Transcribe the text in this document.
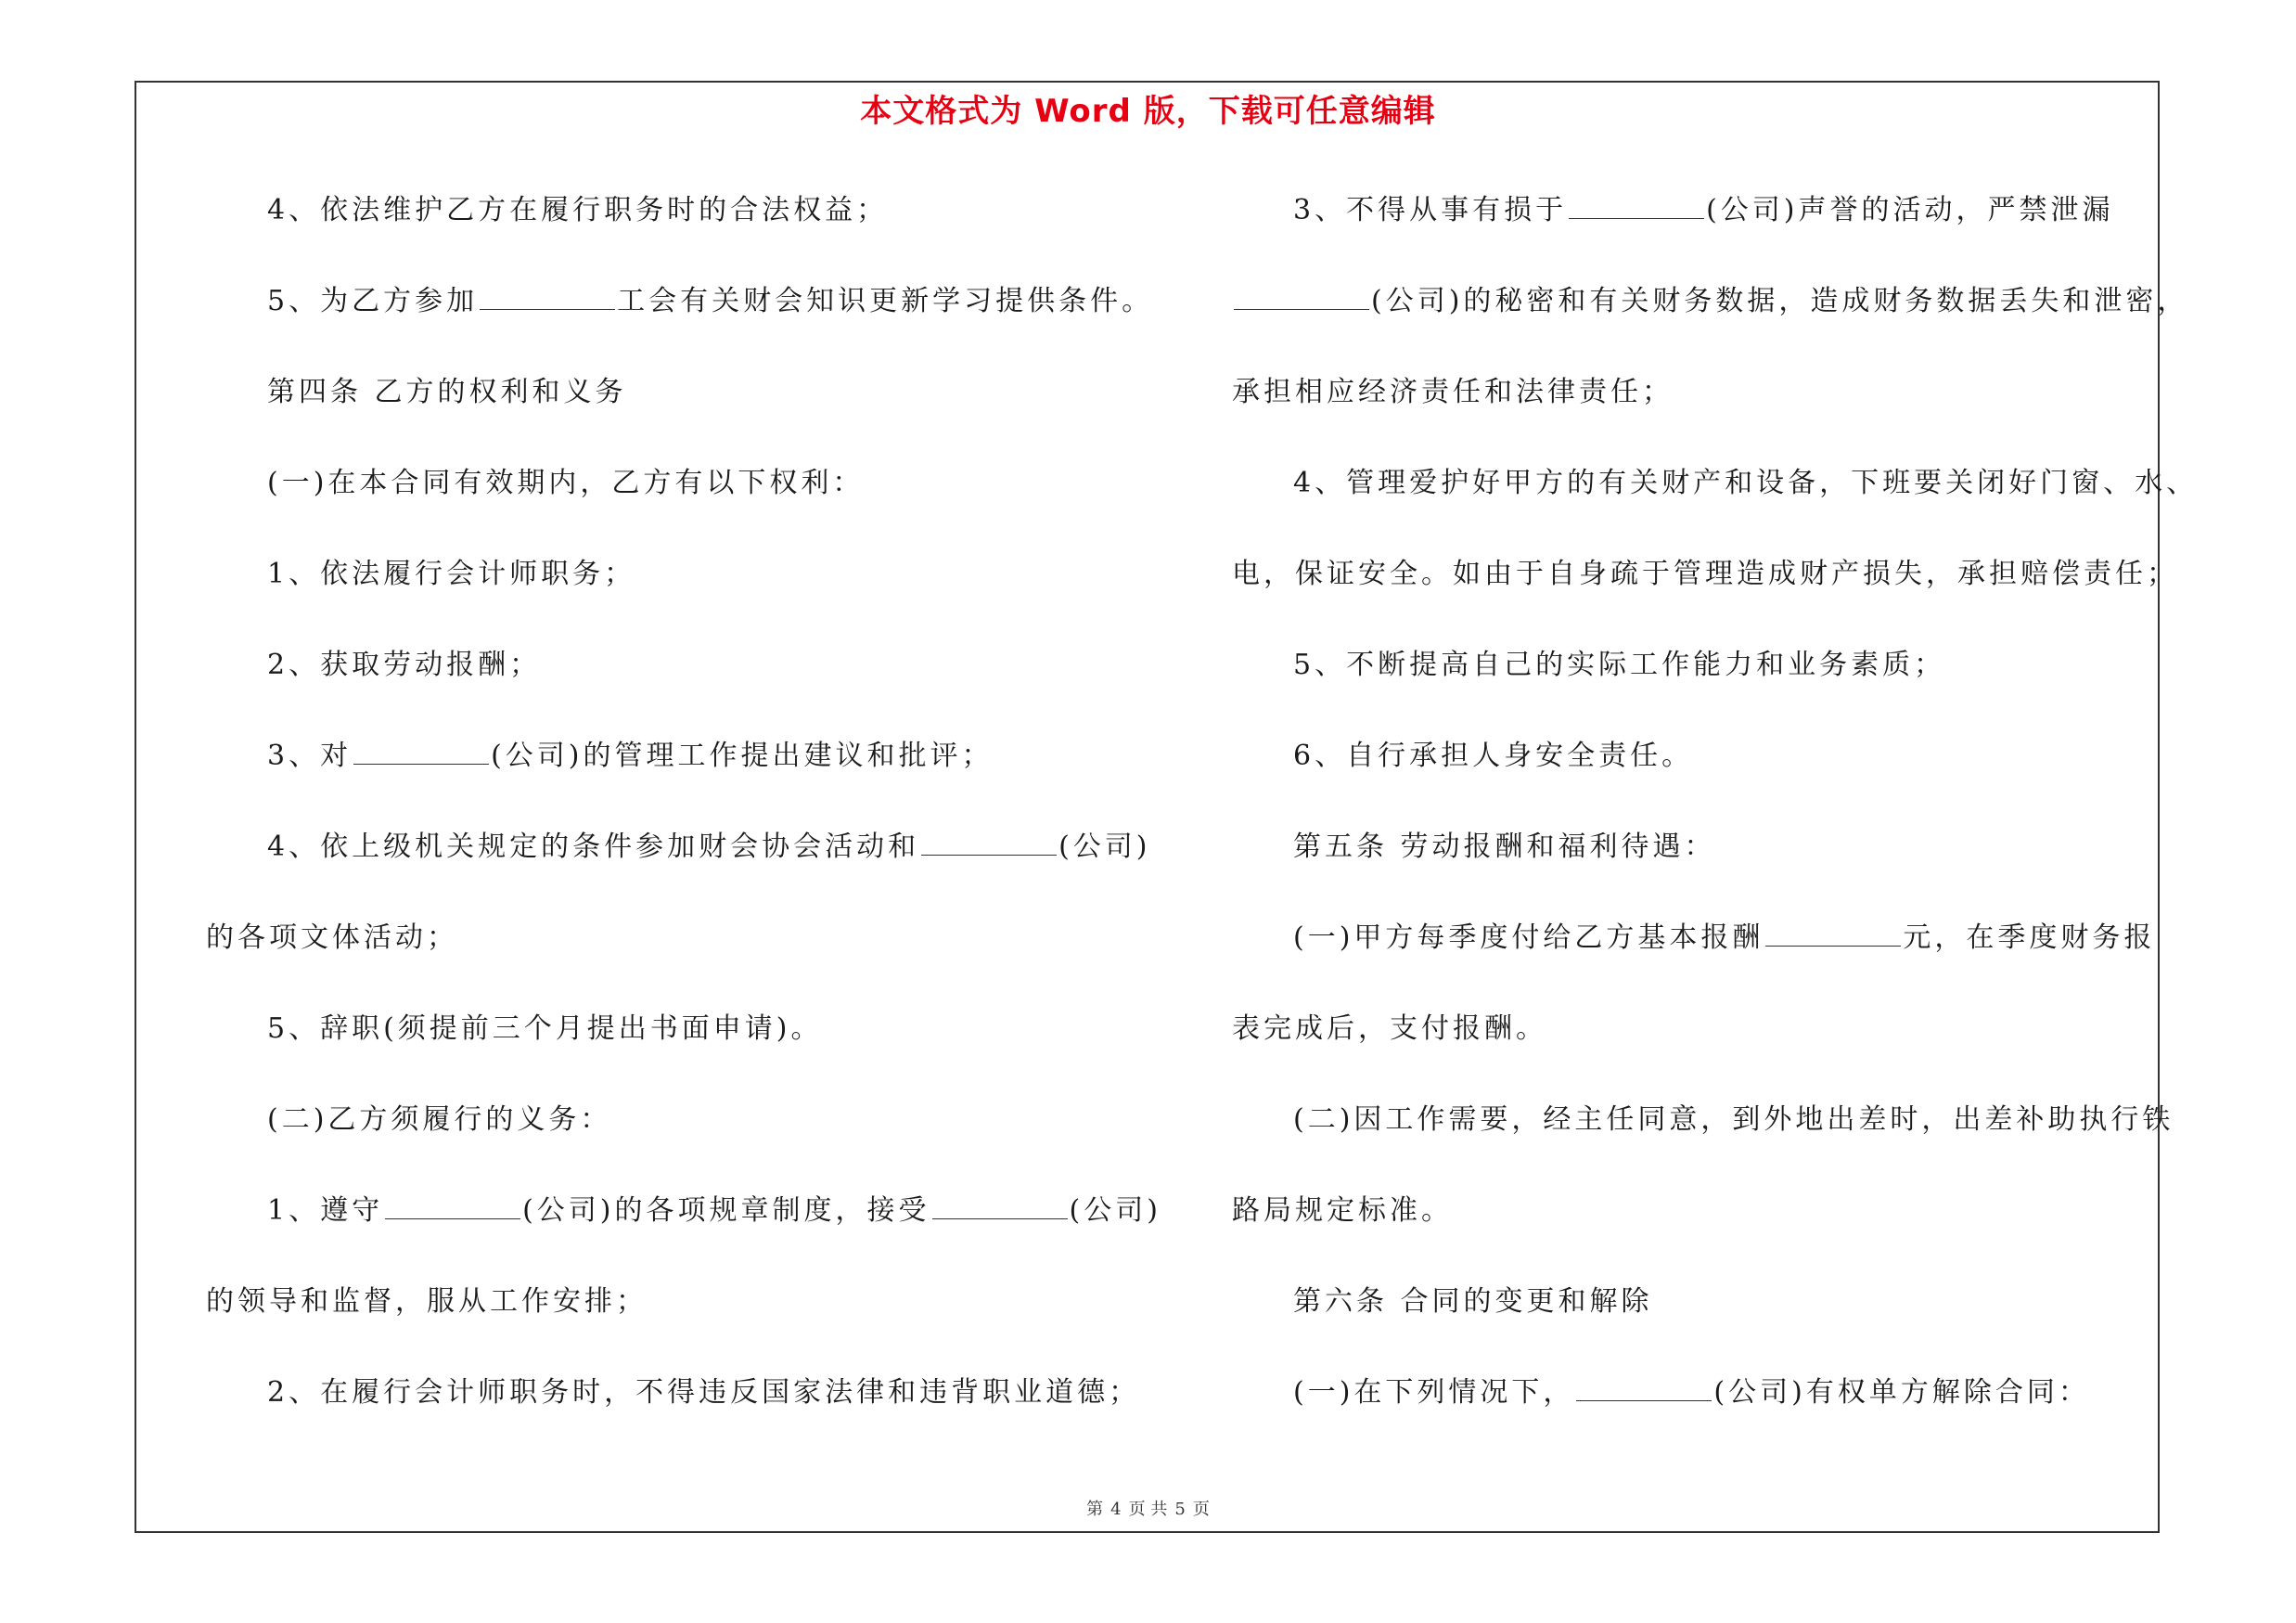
本文格式为 Word 版，下载可任意编辑
4、依法维护乙方在履行职务时的合法权益；
5、为乙方参加	工会有关财会知识更新学习提供条件。
第四条 乙方的权利和义务
(一)在本合同有效期内，乙方有以下权利：
1、依法履行会计师职务；
2、获取劳动报酬；
3、对	(公司)的管理工作提出建议和批评；
4、依上级机关规定的条件参加财会协会活动和	(公司)
的各项文体活动；
5、辞职(须提前三个月提出书面申请)。
(二)乙方须履行的义务：
1、遵守	(公司)的各项规章制度，接受	(公司)
的领导和监督，服从工作安排；
2、在履行会计师职务时，不得违反国家法律和违背职业道德；
3、不得从事有损于	(公司)声誉的活动，严禁泄漏
(公司)的秘密和有关财务数据，造成财务数据丢失和泄密，
承担相应经济责任和法律责任；
4、管理爱护好甲方的有关财产和设备，下班要关闭好门窗、水、
电，保证安全。如由于自身疏于管理造成财产损失，承担赔偿责任；
5、不断提高自己的实际工作能力和业务素质；
6、自行承担人身安全责任。
第五条 劳动报酬和福利待遇：
(一)甲方每季度付给乙方基本报酬	元，在季度财务报
表完成后，支付报酬。
(二)因工作需要，经主任同意，到外地出差时，出差补助执行铁
路局规定标准。
第六条 合同的变更和解除
(一)在下列情况下，	(公司)有权单方解除合同：
第 4 页 共 5 页
